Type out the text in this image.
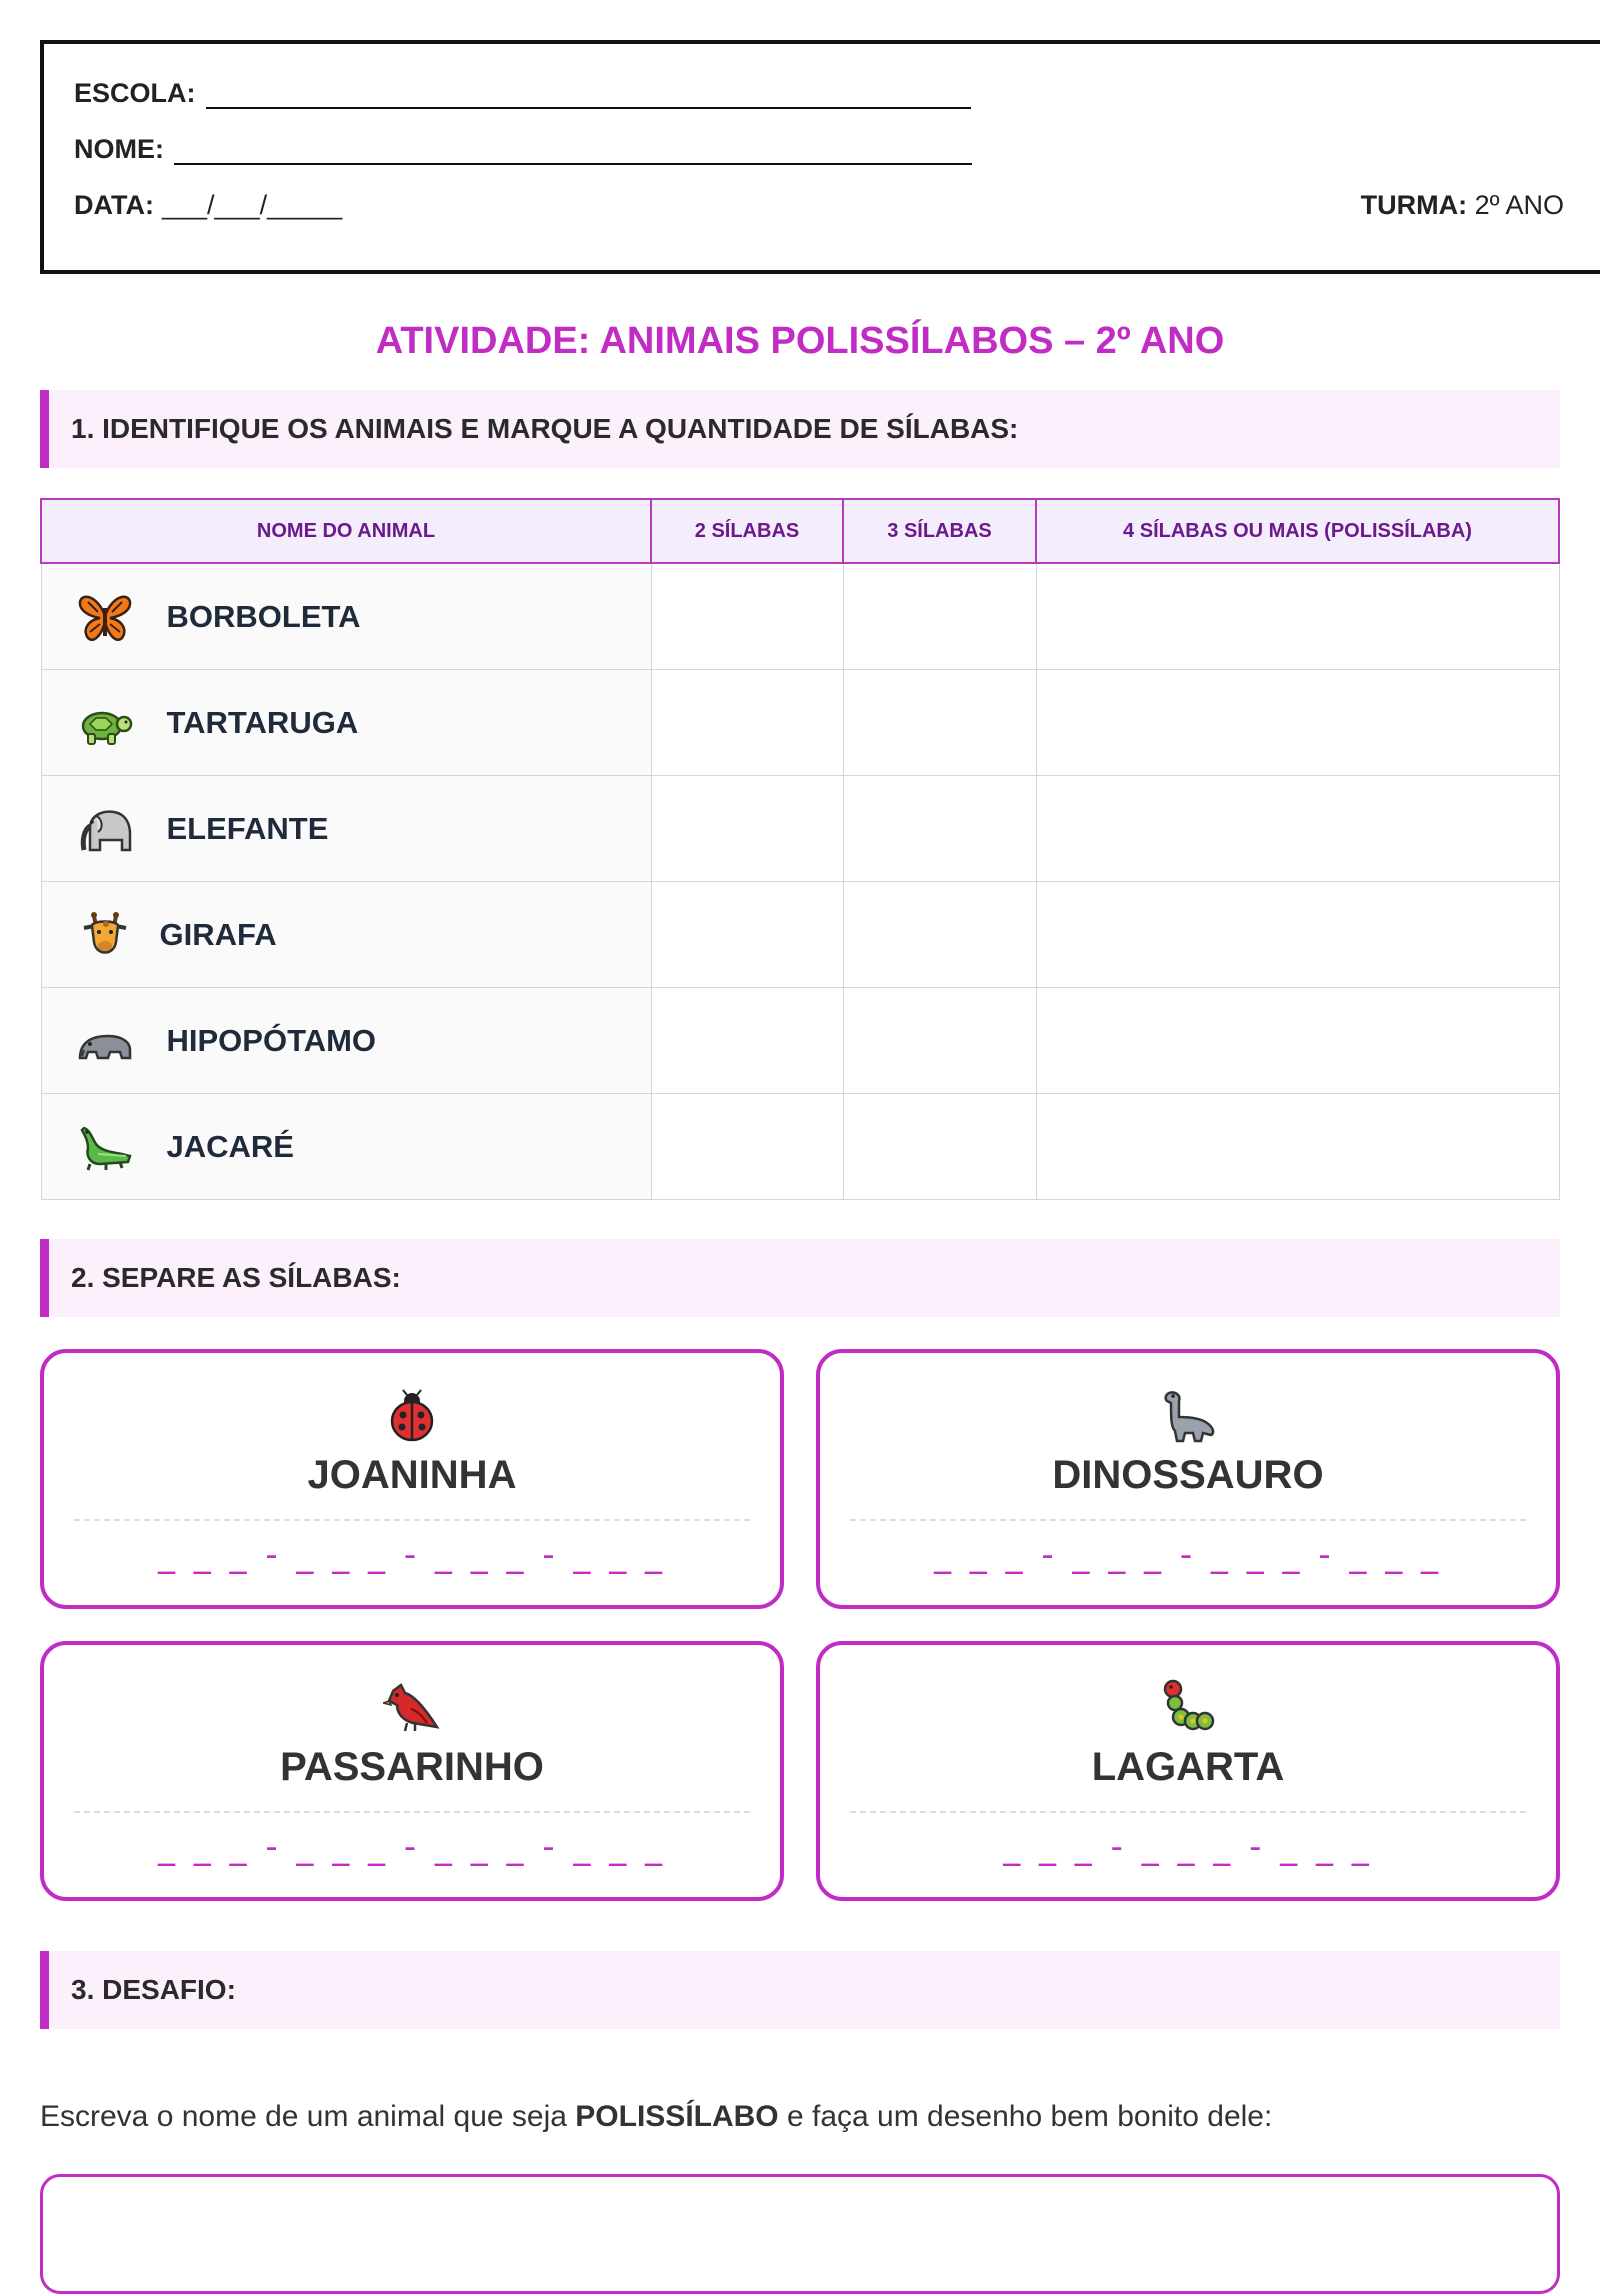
ESCOLA:
NOME:
DATA: ___/___/_____	TURMA: 2º ANO
ATIVIDADE: ANIMAIS POLISSÍLABOS – 2º ANO
1. IDENTIFIQUE OS ANIMAIS E MARQUE A QUANTIDADE DE SÍLABAS:
NOME DO ANIMAL	2 SÍLABAS	3 SÍLABAS	4 SÍLABAS OU MAIS (POLISSÍLABA)

BORBOLETA			

TARTARUGA			

ELEFANTE			

GIRAFA			

HIPOPÓTAMO			

JACARÉ			

2. SEPARE AS SÍLABAS:
JOANINHA
_ _ _ - _ _ _ - _ _ _ - _ _ _
DINOSSAURO
_ _ _ - _ _ _ - _ _ _ - _ _ _
PASSARINHO
_ _ _ - _ _ _ - _ _ _ - _ _ _
LAGARTA
_ _ _ - _ _ _ - _ _ _
3. DESAFIO:
Escreva o nome de um animal que seja POLISSÍLABO e faça um desenho bem bonito dele:
